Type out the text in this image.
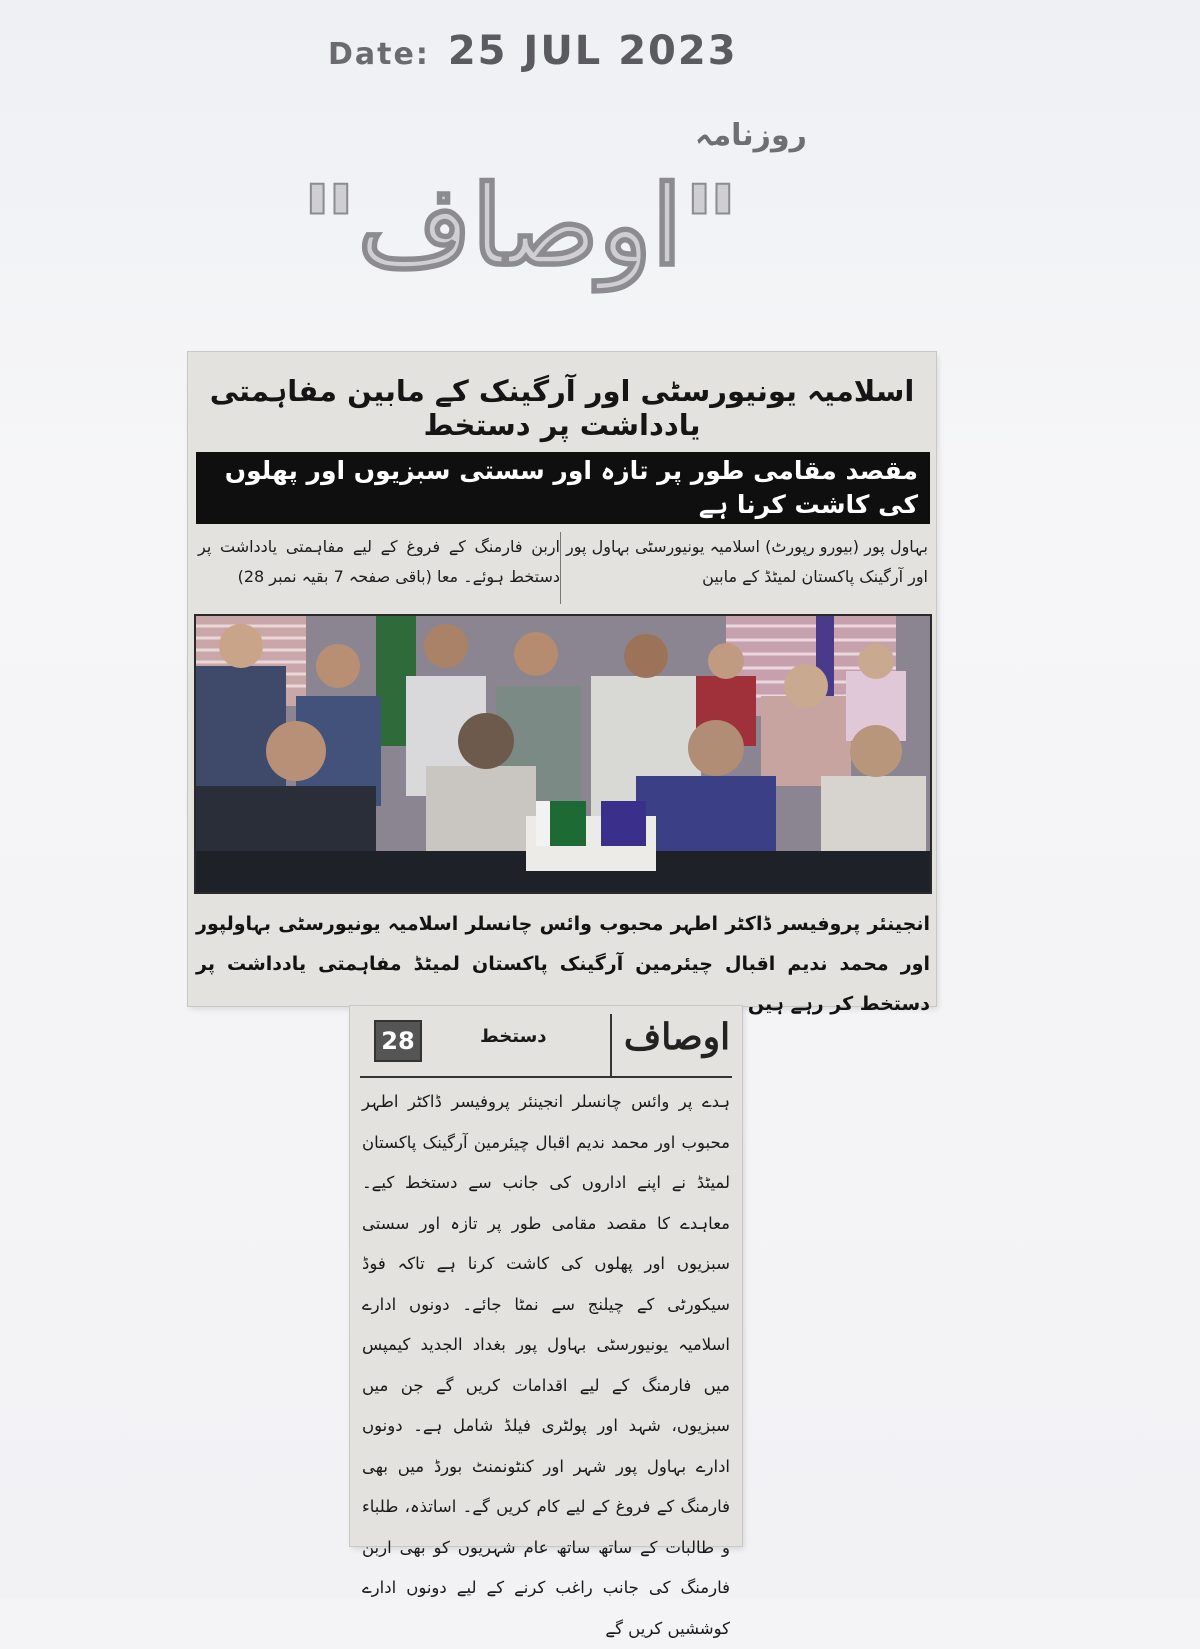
Date: 25 JUL 2023
روزنامہ
"اوصاف"
اسلامیہ یونیورسٹی اور آرگینک کے مابین مفاہمتی یادداشت پر دستخط
مقصد مقامی طور پر تازہ اور سستی سبزیوں اور پھلوں کی کاشت کرنا ہے
بہاول پور (بیورو رپورٹ) اسلامیہ یونیورسٹی بہاول پور اور آرگینک پاکستان لمیٹڈ کے مابین
اربن فارمنگ کے فروغ کے لیے مفاہمتی یادداشت پر دستخط ہوئے۔ معا (باقی صفحہ 7 بقیہ نمبر 28)
انجینئر پروفیسر ڈاکٹر اطہر محبوب وائس چانسلر اسلامیہ یونیورسٹی بہاولپور اور محمد ندیم اقبال چیئرمین آرگینک پاکستان لمیٹڈ مفاہمتی یادداشت پر دستخط کر رہے ہیں
28	دستخط اوصاف
ہدے پر وائس چانسلر انجینئر پروفیسر ڈاکٹر اطہر محبوب اور محمد ندیم اقبال چیئرمین آرگینک پاکستان لمیٹڈ نے اپنے اداروں کی جانب سے دستخط کیے۔ معاہدے کا مقصد مقامی طور پر تازہ اور سستی سبزیوں اور پھلوں کی کاشت کرنا ہے تاکہ فوڈ سیکورٹی کے چیلنج سے نمٹا جائے۔ دونوں ادارے اسلامیہ یونیورسٹی بہاول پور بغداد الجدید کیمپس میں فارمنگ کے لیے اقدامات کریں گے جن میں سبزیوں، شہد اور پولٹری فیلڈ شامل ہے۔ دونوں ادارے بہاول پور شہر اور کنٹونمنٹ بورڈ میں بھی فارمنگ کے فروغ کے لیے کام کریں گے۔ اساتذہ، طلباء و طالبات کے ساتھ ساتھ عام شہریوں کو بھی اربن فارمنگ کی جانب راغب کرنے کے لیے دونوں ادارے کوششیں کریں گے
